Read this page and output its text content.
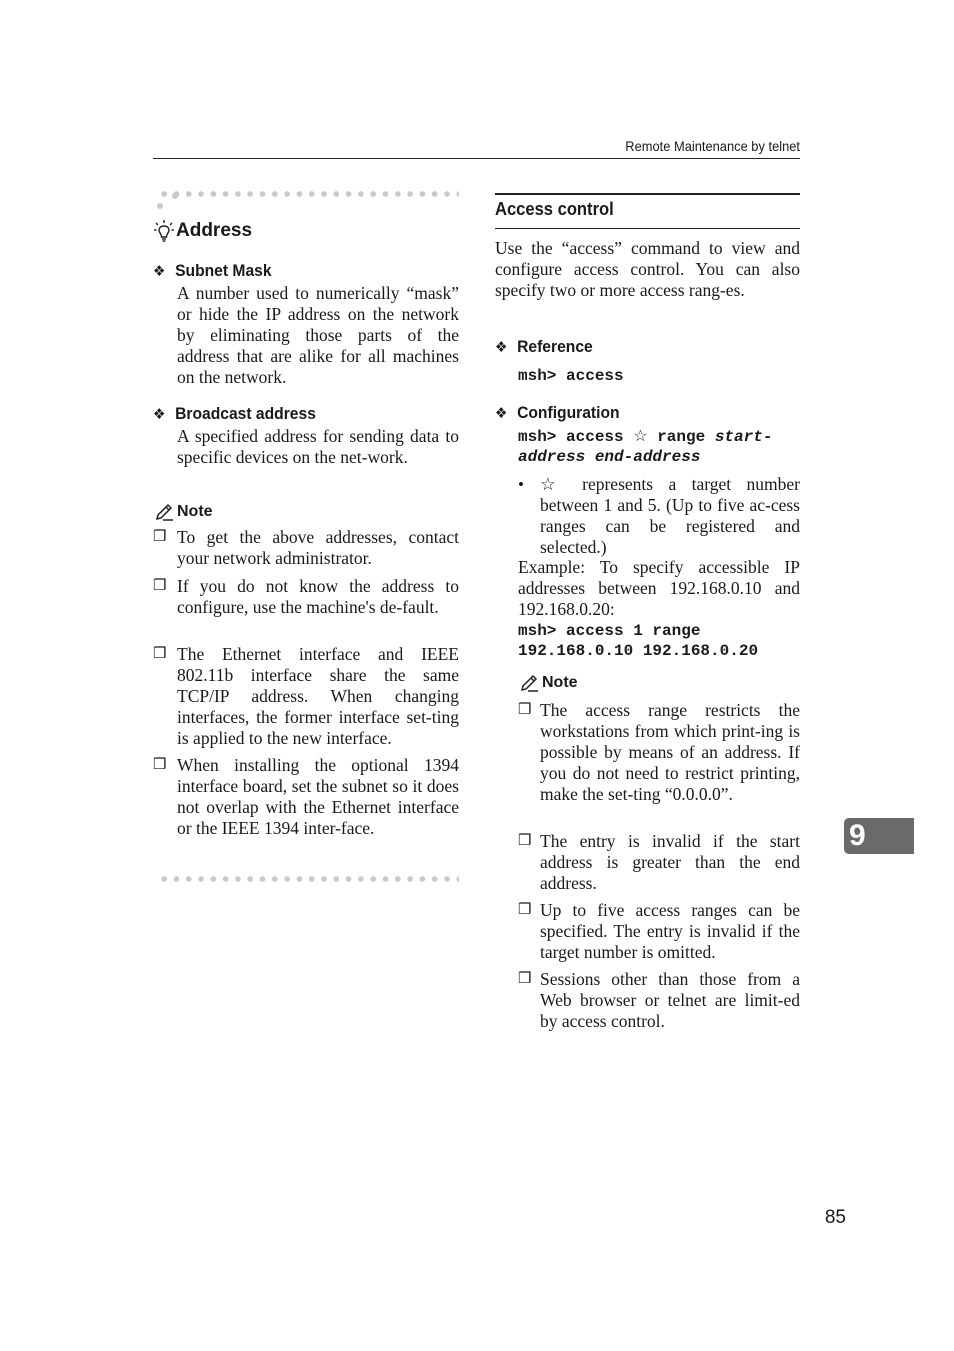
Remote Maintenance by telnet
Address
❖ Subnet Mask
A number used to numerically “mask” or hide the IP address on the network by eliminating those parts of the address that are alike for all machines on the network.
❖ Broadcast address
A specified address for sending data to specific devices on the net-work.
Note
❒ To get the above addresses, contact your network administrator.
❒ If you do not know the address to configure, use the machine's de-fault.
❒ The Ethernet interface and IEEE 802.11b interface share the same TCP/IP address. When changing interfaces, the former interface set-ting is applied to the new interface.
❒ When installing the optional 1394 interface board, set the subnet so it does not overlap with the Ethernet interface or the IEEE 1394 inter-face.
Access control
Use the “access” command to view and configure access control. You can also specify two or more access rang-es.
❖ Reference
msh> access
❖ Configuration
msh> access ☆ range start-
address end-address
• ☆ represents a target number between 1 and 5. (Up to five ac-cess ranges can be registered and selected.)
Example: To specify accessible IP addresses between 192.168.0.10 and 192.168.0.20:
msh> access 1 range
192.168.0.10 192.168.0.20
Note
❒ The access range restricts the workstations from which print-ing is possible by means of an address. If you do not need to restrict printing, make the set-ting “0.0.0.0”.
❒ The entry is invalid if the start address is greater than the end address.
❒ Up to five access ranges can be specified. The entry is invalid if the target number is omitted.
❒ Sessions other than those from a Web browser or telnet are limit-ed by access control.
9
85
